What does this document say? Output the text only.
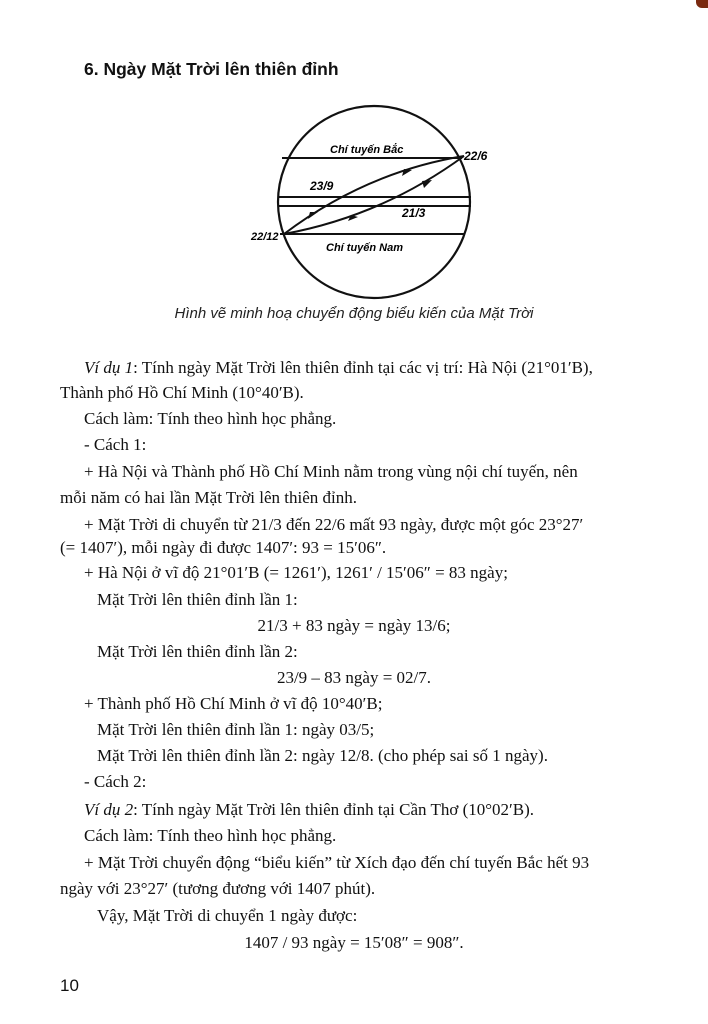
6. Ngày Mặt Trời lên thiên đỉnh
Chí tuyến Bắc	22/6
23/9
21/3
22/12
Chí tuyến Nam
Hình vẽ minh hoạ chuyển động biểu kiến của Mặt Trời
Ví dụ 1: Tính ngày Mặt Trời lên thiên đỉnh tại các vị trí: Hà Nội (21°01′B),
Thành phố Hồ Chí Minh (10°40′B).
Cách làm: Tính theo hình học phẳng.
- Cách 1:
+ Hà Nội và Thành phố Hồ Chí Minh nằm trong vùng nội chí tuyến, nên
mỗi năm có hai lần Mặt Trời lên thiên đỉnh.
+ Mặt Trời di chuyển từ 21/3 đến 22/6 mất 93 ngày, được một góc 23°27′
(= 1407′), mỗi ngày đi được 1407′: 93 = 15′06″.
+ Hà Nội ở vĩ độ 21°01′B (= 1261′), 1261′ / 15′06″ = 83 ngày;
Mặt Trời lên thiên đỉnh lần 1:
21/3 + 83 ngày = ngày 13/6;
Mặt Trời lên thiên đỉnh lần 2:
23/9 – 83 ngày = 02/7.
+ Thành phố Hồ Chí Minh ở vĩ độ 10°40′B;
Mặt Trời lên thiên đỉnh lần 1: ngày 03/5;
Mặt Trời lên thiên đỉnh lần 2: ngày 12/8. (cho phép sai số 1 ngày).
- Cách 2:
Ví dụ 2: Tính ngày Mặt Trời lên thiên đỉnh tại Cần Thơ (10°02′B).
Cách làm: Tính theo hình học phẳng.
+ Mặt Trời chuyển động “biểu kiến” từ Xích đạo đến chí tuyến Bắc hết 93
ngày với 23°27′ (tương đương với 1407 phút).
Vậy, Mặt Trời di chuyển 1 ngày được:
1407 / 93 ngày = 15′08″ = 908″.
10
